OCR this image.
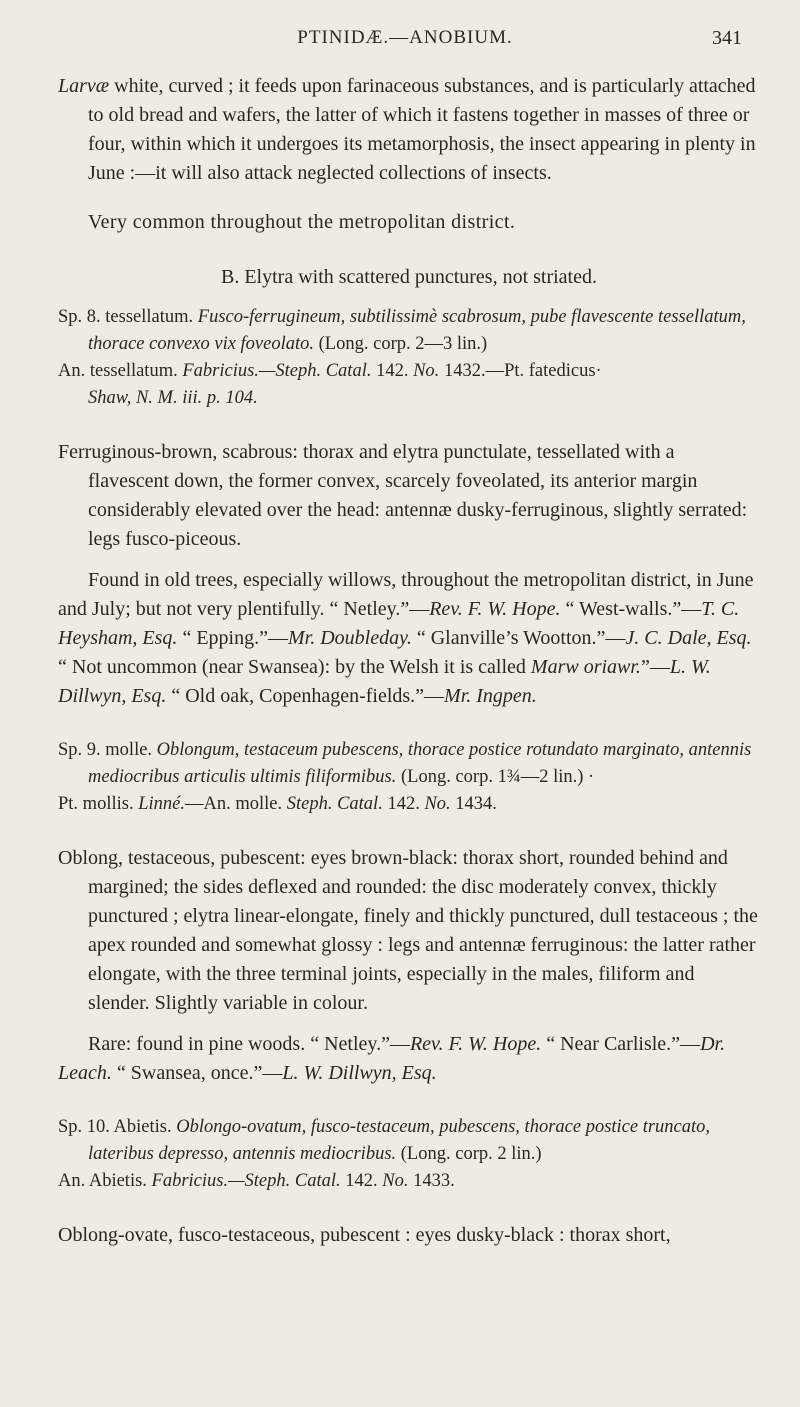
PTINIDÆ.—ANOBIUM.	341

Larvæ white, curved ; it feeds upon farinaceous substances, and is particularly attached to old bread and wafers, the latter of which it fastens together in masses of three or four, within which it undergoes its metamorphosis, the insect appearing in plenty in June :—it will also attack neglected collections of insects.

Very common throughout the metropolitan district.

B. Elytra with scattered punctures, not striated.

Sp. 8. tessellatum. Fusco-ferrugineum, subtilissimè scabrosum, pube flavescente tessellatum, thorace convexo vix foveolato. (Long. corp. 2—3 lin.)

An. tessellatum. Fabricius.—Steph. Catal. 142. No. 1432.—Pt. fatedicus·
Shaw, N. M. iii. p. 104.

Ferruginous-brown, scabrous: thorax and elytra punctulate, tessellated with a flavescent down, the former convex, scarcely foveolated, its anterior margin considerably elevated over the head: antennæ dusky-ferruginous, slightly serrated: legs fusco-piceous.

Found in old trees, especially willows, throughout the metropolitan district, in June and July; but not very plentifully. “ Netley.”—Rev. F. W. Hope. “ West-walls.”—T. C. Heysham, Esq. “ Epping.”—Mr. Doubleday. “ Glanville’s Wootton.”—J. C. Dale, Esq. “ Not uncommon (near Swansea): by the Welsh it is called Marw oriawr.”—L. W. Dillwyn, Esq. “ Old oak, Copenhagen-fields.”—Mr. Ingpen.

Sp. 9. molle. Oblongum, testaceum pubescens, thorace postice rotundato marginato, antennis mediocribus articulis ultimis filiformibus. (Long. corp. 1¾—2 lin.) ·

Pt. mollis. Linné.—An. molle. Steph. Catal. 142. No. 1434.

Oblong, testaceous, pubescent: eyes brown-black: thorax short, rounded behind and margined; the sides deflexed and rounded: the disc moderately convex, thickly punctured ; elytra linear-elongate, finely and thickly punctured, dull testaceous ; the apex rounded and somewhat glossy : legs and antennæ ferruginous: the latter rather elongate, with the three terminal joints, especially in the males, filiform and slender. Slightly variable in colour.

Rare: found in pine woods. “ Netley.”—Rev. F. W. Hope. “ Near Carlisle.”—Dr. Leach. “ Swansea, once.”—L. W. Dillwyn, Esq.

Sp. 10. Abietis. Oblongo-ovatum, fusco-testaceum, pubescens, thorace postice truncato, lateribus depresso, antennis mediocribus. (Long. corp. 2 lin.)

An. Abietis. Fabricius.—Steph. Catal. 142. No. 1433.

Oblong-ovate, fusco-testaceous, pubescent : eyes dusky-black : thorax short,
